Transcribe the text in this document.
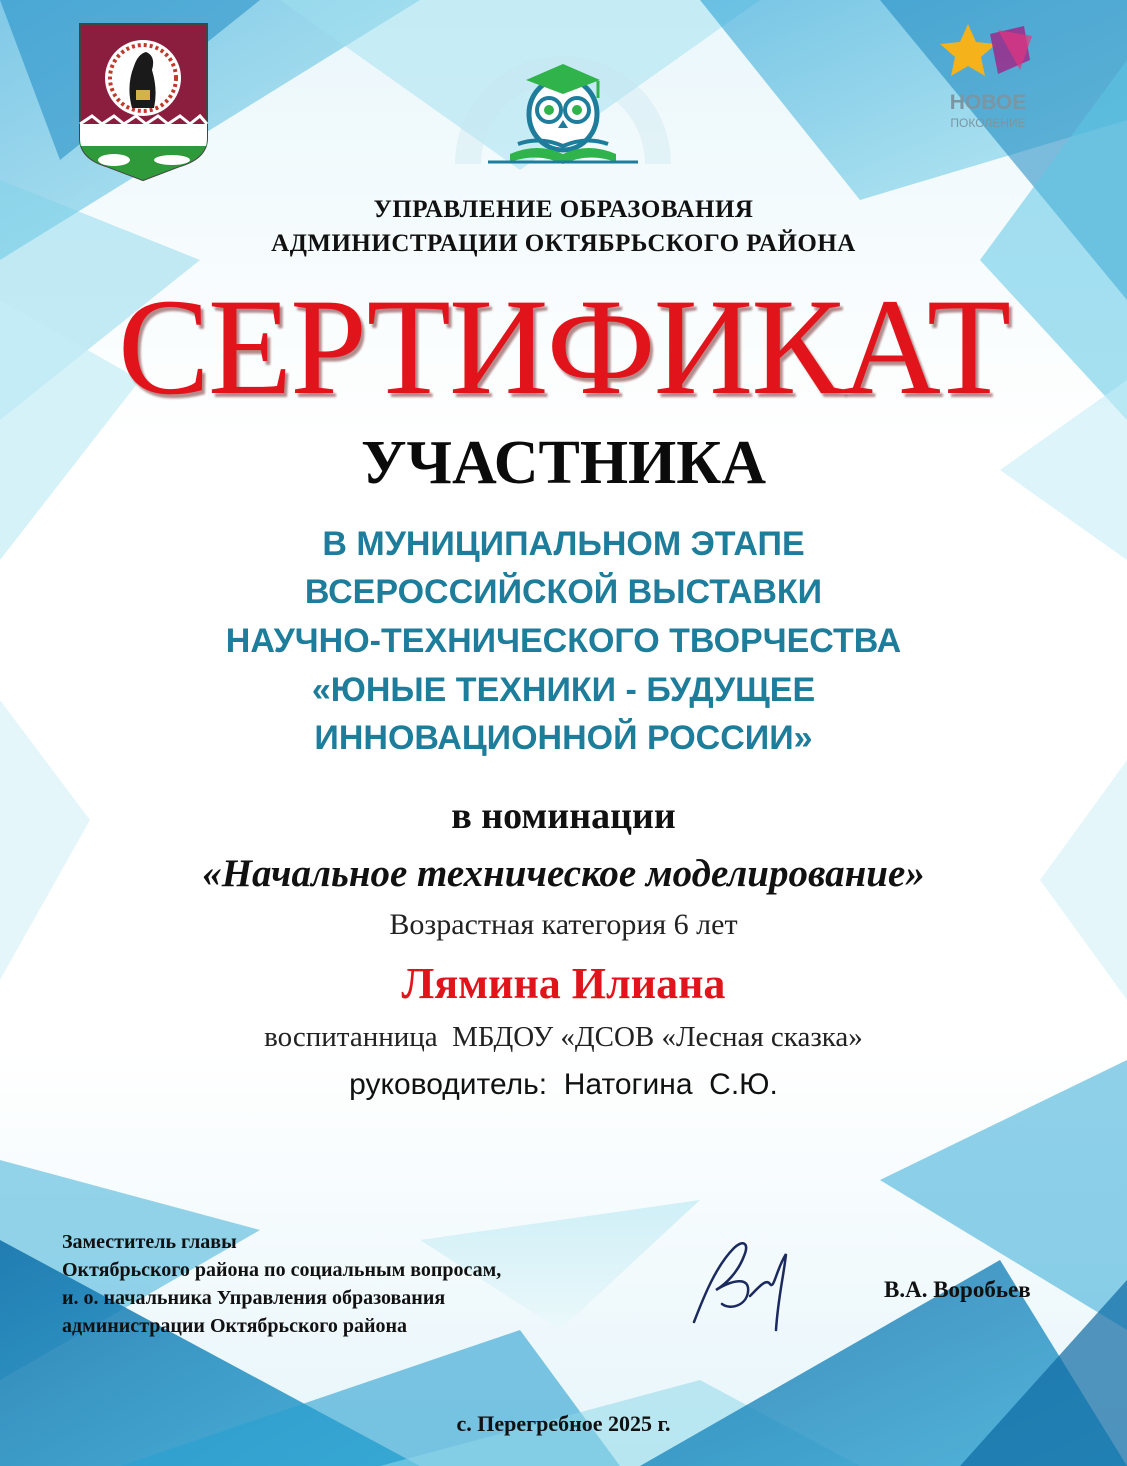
НОВОЕ
ПОКОЛЕНИЕ
УПРАВЛЕНИЕ ОБРАЗОВАНИЯ
АДМИНИСТРАЦИИ ОКТЯБРЬСКОГО РАЙОНА
СЕРТИФИКАТ
УЧАСТНИКА
В МУНИЦИПАЛЬНОМ ЭТАПЕ
ВСЕРОССИЙСКОЙ ВЫСТАВКИ
НАУЧНО-ТЕХНИЧЕСКОГО ТВОРЧЕСТВА
«ЮНЫЕ ТЕХНИКИ - БУДУЩЕЕ
ИННОВАЦИОННОЙ РОССИИ»
в номинации
«Начальное техническое моделирование»
Возрастная категория 6 лет
Лямина Илиана
воспитанница  МБДОУ «ДСОВ «Лесная сказка»
руководитель:  Натогина  С.Ю.
Заместитель главы
Октябрьского района по социальным вопросам,
и. о. начальника Управления образования
администрации Октябрьского района
В.А. Воробьев
с. Перегребное 2025 г.
